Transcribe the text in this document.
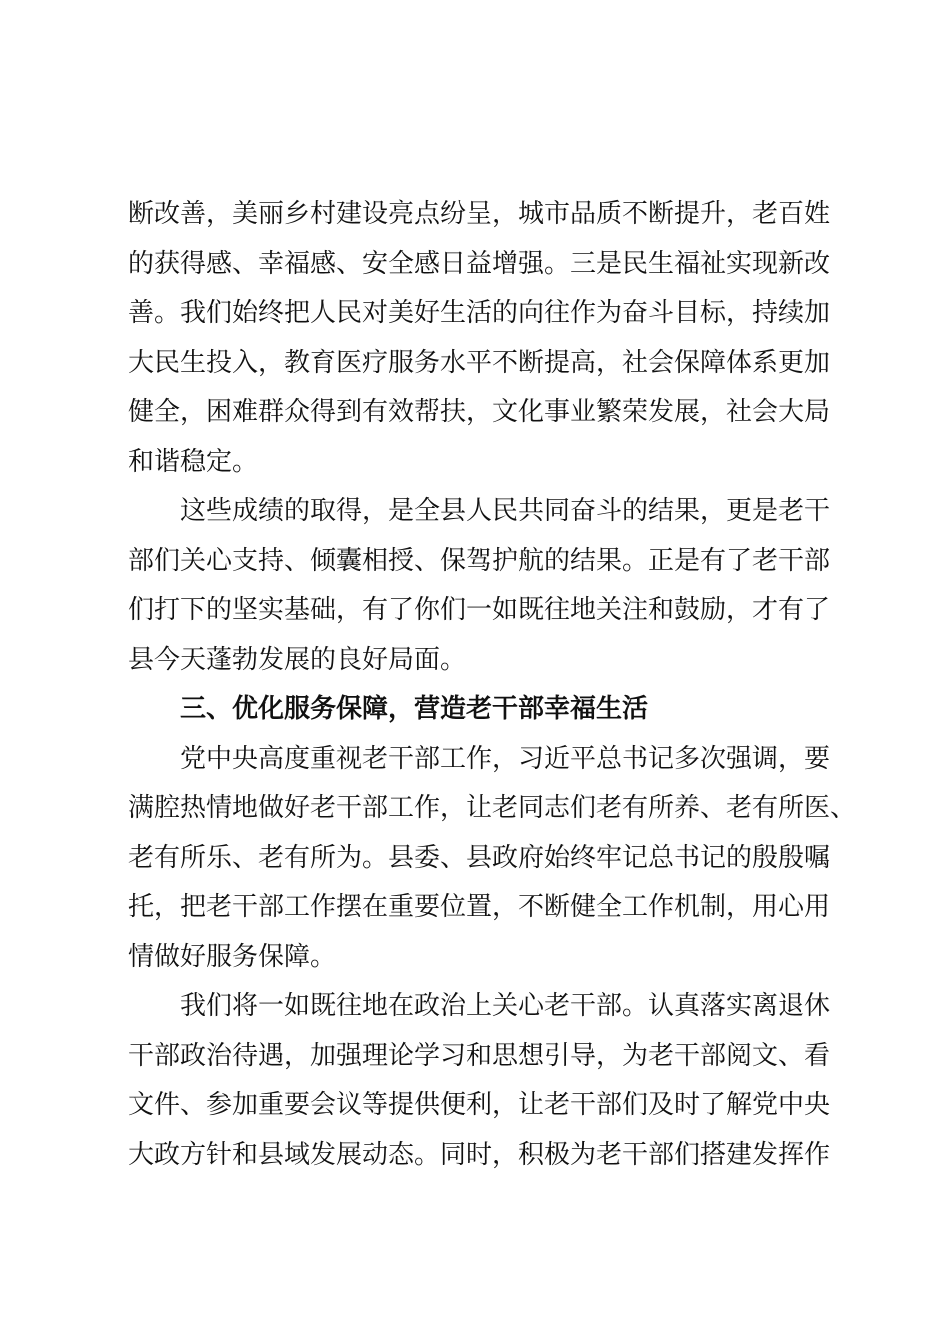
断改善，美丽乡村建设亮点纷呈，城市品质不断提升，老百姓
的获得感、幸福感、安全感日益增强。三是民生福祉实现新改
善。我们始终把人民对美好生活的向往作为奋斗目标，持续加
大民生投入，教育医疗服务水平不断提高，社会保障体系更加
健全，困难群众得到有效帮扶，文化事业繁荣发展，社会大局
和谐稳定。
这些成绩的取得，是全县人民共同奋斗的结果，更是老干
部们关心支持、倾囊相授、保驾护航的结果。正是有了老干部
们打下的坚实基础，有了你们一如既往地关注和鼓励，才有了
县今天蓬勃发展的良好局面。
三、优化服务保障，营造老干部幸福生活
党中央高度重视老干部工作，习近平总书记多次强调，要
满腔热情地做好老干部工作，让老同志们老有所养、老有所医、
老有所乐、老有所为。县委、县政府始终牢记总书记的殷殷嘱
托，把老干部工作摆在重要位置，不断健全工作机制，用心用
情做好服务保障。
我们将一如既往地在政治上关心老干部。认真落实离退休
干部政治待遇，加强理论学习和思想引导，为老干部阅文、看
文件、参加重要会议等提供便利，让老干部们及时了解党中央
大政方针和县域发展动态。同时，积极为老干部们搭建发挥作
